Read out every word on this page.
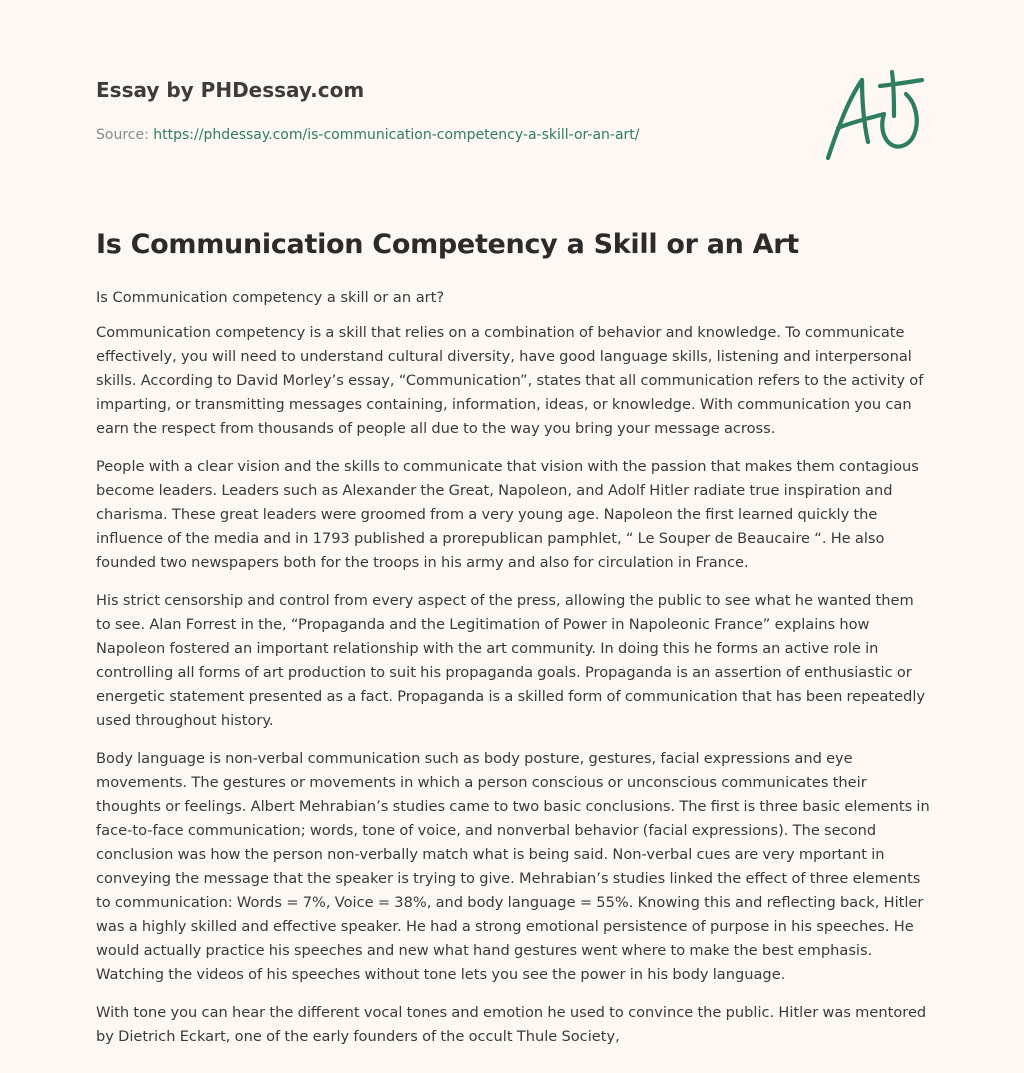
Essay by PHDessay.com
Source: https://phdessay.com/is-communication-competency-a-skill-or-an-art/
Is Communication Competency a Skill or an Art

Is Communication competency a skill or an art?

Communication competency is a skill that relies on a combination of behavior and knowledge. To communicate effectively, you will need to understand cultural diversity, have good language skills, listening and interpersonal skills. According to David Morley’s essay, “Communication”, states that all communication refers to the activity of imparting, or transmitting messages containing, information, ideas, or knowledge. With communication you can earn the respect from thousands of people all due to the way you bring your message across.

People with a clear vision and the skills to communicate that vision with the passion that makes them contagious become leaders. Leaders such as Alexander the Great, Napoleon, and Adolf Hitler radiate true inspiration and charisma. These great leaders were groomed from a very young age. Napoleon the first learned quickly the influence of the media and in 1793 published a prorepublican pamphlet, “ Le Souper de Beaucaire “. He also founded two newspapers both for the troops in his army and also for circulation in France.

His strict censorship and control from every aspect of the press, allowing the public to see what he wanted them to see. Alan Forrest in the, “Propaganda and the Legitimation of Power in Napoleonic France” explains how Napoleon fostered an important relationship with the art community. In doing this he forms an active role in controlling all forms of art production to suit his propaganda goals. Propaganda is an assertion of enthusiastic or energetic statement presented as a fact. Propaganda is a skilled form of communication that has been repeatedly used throughout history.

Body language is non-verbal communication such as body posture, gestures, facial expressions and eye movements. The gestures or movements in which a person conscious or unconscious communicates their thoughts or feelings. Albert Mehrabian’s studies came to two basic conclusions. The first is three basic elements in face-to-face communication; words, tone of voice, and nonverbal behavior (facial expressions). The second conclusion was how the person non-verbally match what is being said. Non-verbal cues are very mportant in conveying the message that the speaker is trying to give. Mehrabian’s studies linked the effect of three elements to communication: Words = 7%, Voice = 38%, and body language = 55%. Knowing this and reflecting back, Hitler was a highly skilled and effective speaker. He had a strong emotional persistence of purpose in his speeches. He would actually practice his speeches and new what hand gestures went where to make the best emphasis. Watching the videos of his speeches without tone lets you see the power in his body language.

With tone you can hear the different vocal tones and emotion he used to convince the public. Hitler was mentored by Dietrich Eckart, one of the early founders of the occult Thule Society,
